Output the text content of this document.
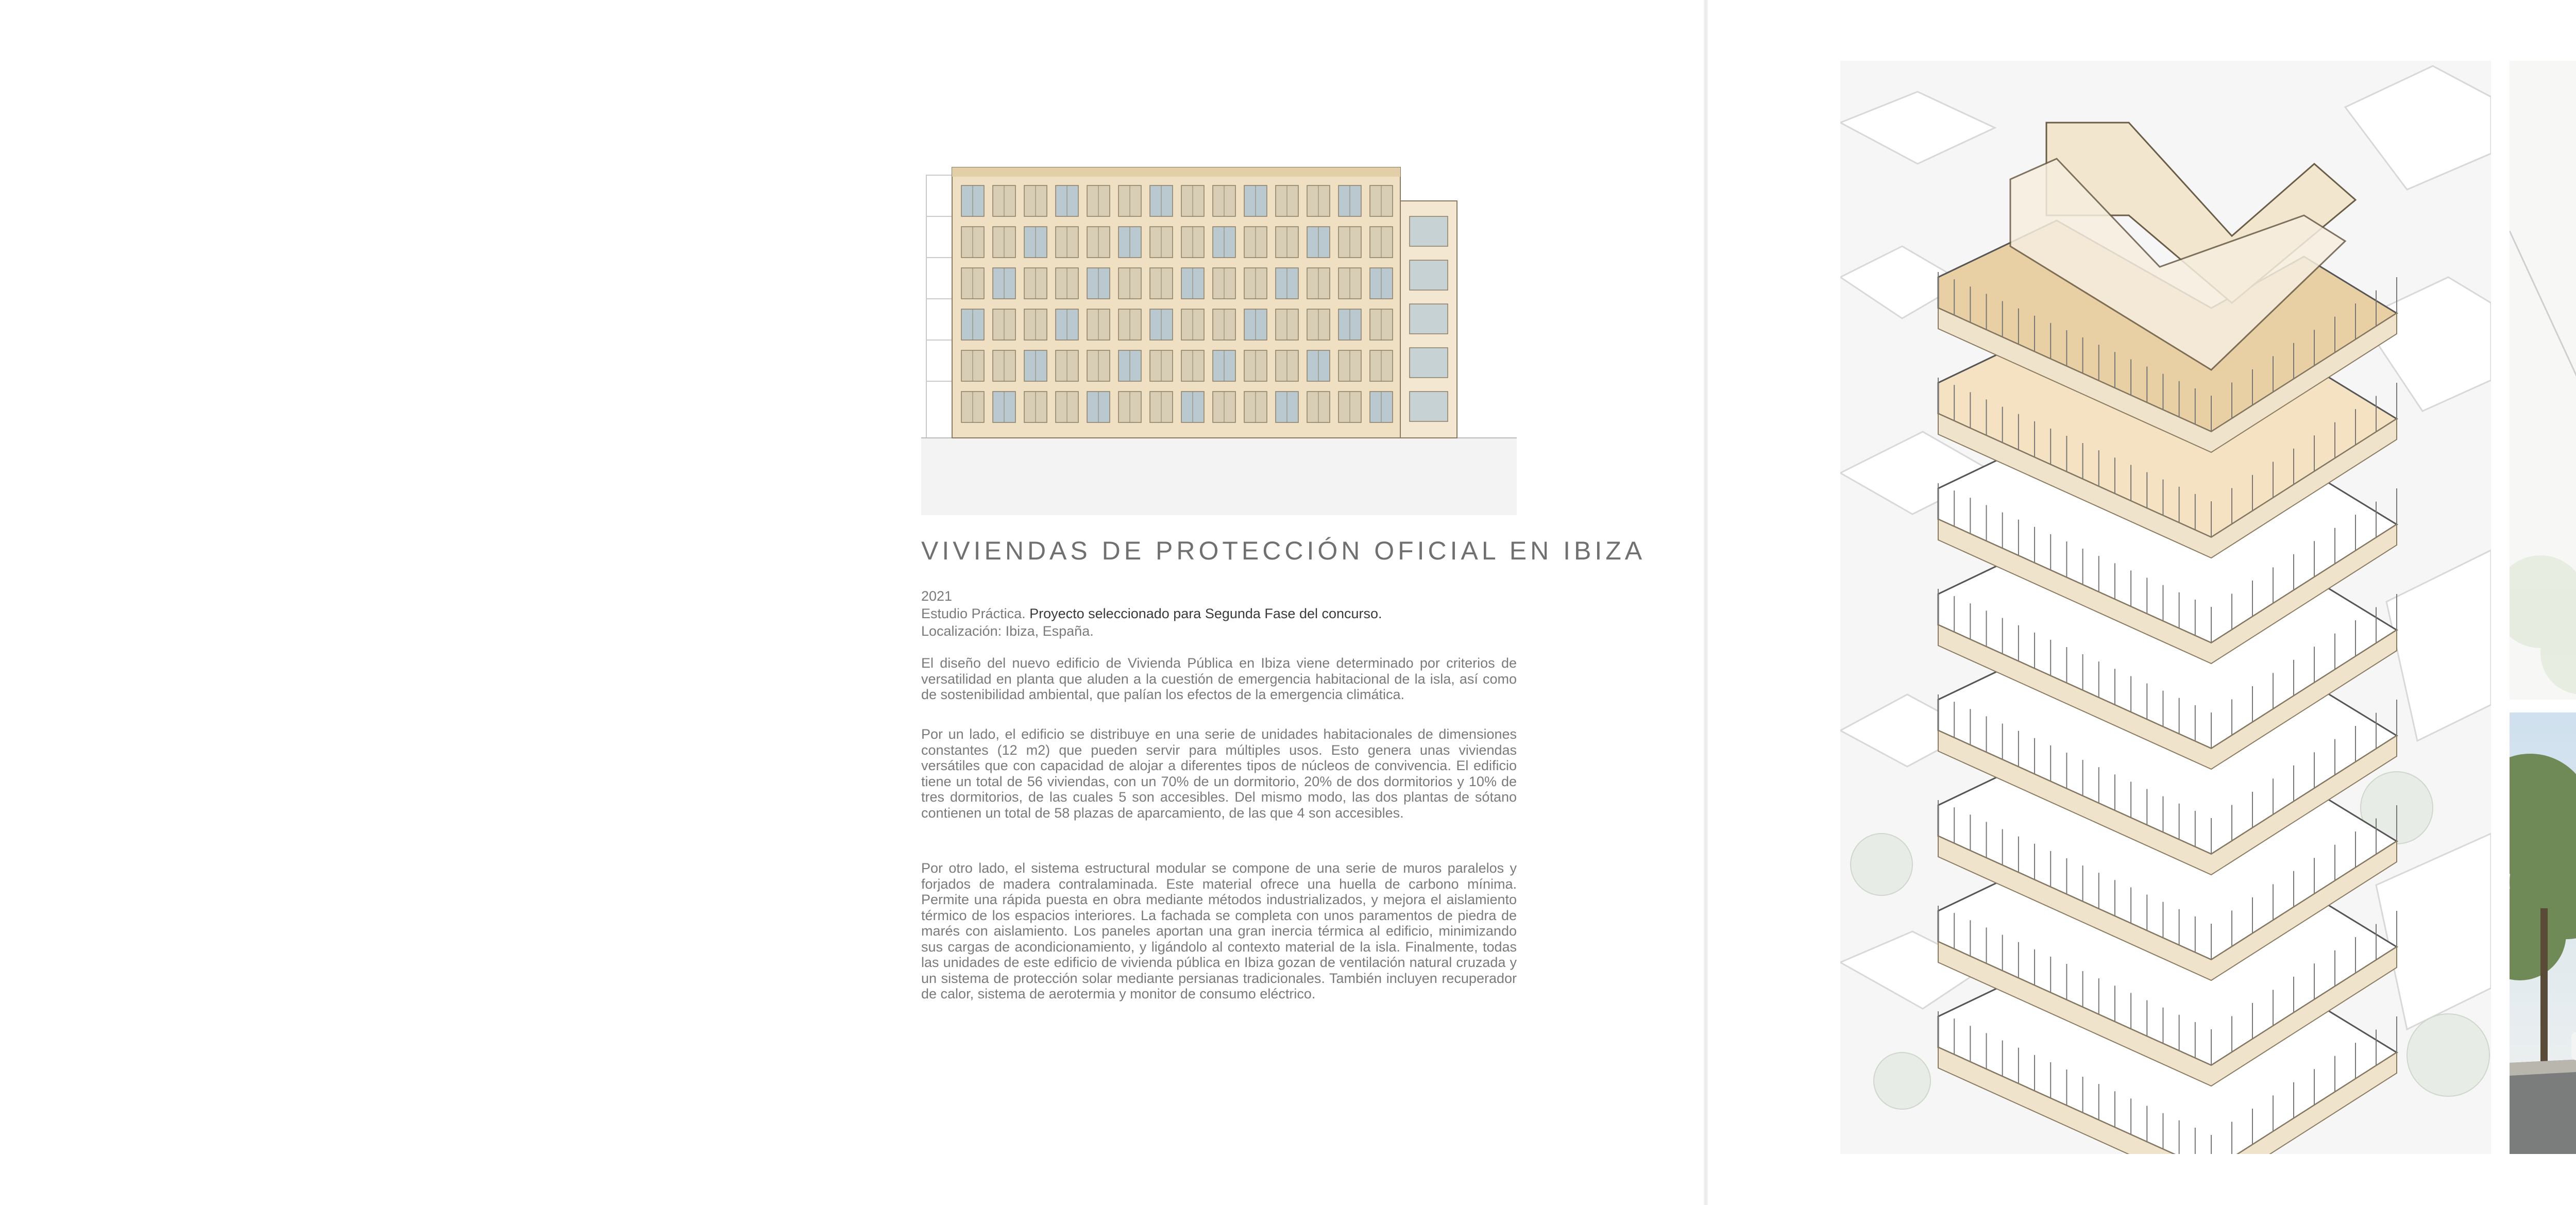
VIVIENDAS DE PROTECCIÓN OFICIAL EN IBIZA
2021
Estudio Práctica. Proyecto seleccionado para Segunda Fase del concurso.
Localización: Ibiza, España.

El diseño del nuevo edificio de Vivienda Pública en Ibiza viene determinado por criterios de versatilidad en planta que aluden a la cuestión de emergencia habitacional de la isla, así como de sostenibilidad ambiental, que palían los efectos de la emergencia climática.

Por un lado, el edificio se distribuye en una serie de unidades habitacionales de dimensiones constantes (12 m2) que pueden servir para múltiples usos. Esto genera unas viviendas versátiles que con capacidad de alojar a diferentes tipos de núcleos de convivencia. El edificio tiene un total de 56 viviendas, con un 70% de un dormitorio, 20% de dos dormitorios y 10% de tres dormitorios, de las cuales 5 son accesibles. Del mismo modo, las dos plantas de sótano contienen un total de 58 plazas de aparcamiento, de las que 4 son accesibles.

Por otro lado, el sistema estructural modular se compone de una serie de muros paralelos y forjados de madera contralaminada. Este material ofrece una huella de carbono mínima. Permite una rápida puesta en obra mediante métodos industrializados, y mejora el aislamiento térmico de los espacios interiores. La fachada se completa con unos paramentos de piedra de marés con aislamiento. Los paneles aportan una gran inercia térmica al edificio, minimizando sus cargas de acondicionamiento, y ligándolo al contexto material de la isla. Finalmente, todas las unidades de este edificio de vivienda pública en Ibiza gozan de ventilación natural cruzada y un sistema de protección solar mediante persianas tradicionales. También incluyen recuperador de calor, sistema de aerotermia y monitor de consumo eléctrico.
